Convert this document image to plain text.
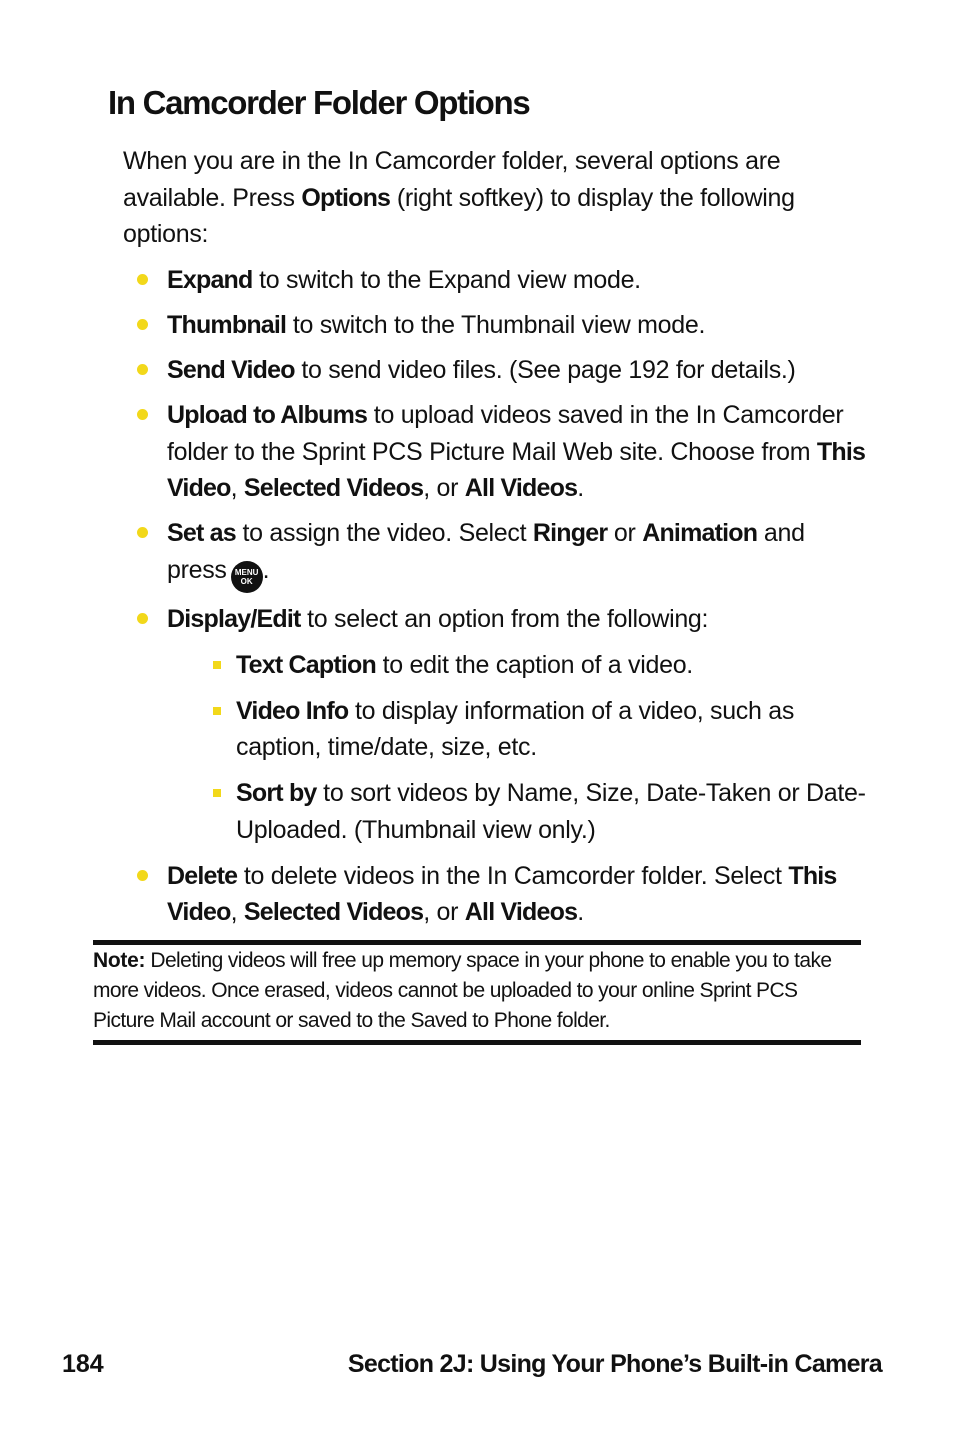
In Camcorder Folder Options

When you are in the In Camcorder folder, several options are available. Press Options (right softkey) to display the following options:

Expand to switch to the Expand view mode.
Thumbnail to switch to the Thumbnail view mode.
Send Video to send video files. (See page 192 for details.)
Upload to Albums to upload videos saved in the In Camcorder folder to the Sprint PCS Picture Mail Web site. Choose from This Video, Selected Videos, or All Videos.
Set as to assign the video. Select Ringer or Animation and press MENU
OK .
Display/Edit to select an option from the following:
Text Caption to edit the caption of a video.
Video Info to display information of a video, such as caption, time/date, size, etc.
Sort by to sort videos by Name, Size, Date-Taken or Date-Uploaded. (Thumbnail view only.)
Delete to delete videos in the In Camcorder folder. Select This Video, Selected Videos, or All Videos.

Note: Deleting videos will free up memory space in your phone to enable you to take more videos. Once erased, videos cannot be uploaded to your online Sprint PCS Picture Mail account or saved to the Saved to Phone folder.

184	Section 2J: Using Your Phone’s Built-in Camera
